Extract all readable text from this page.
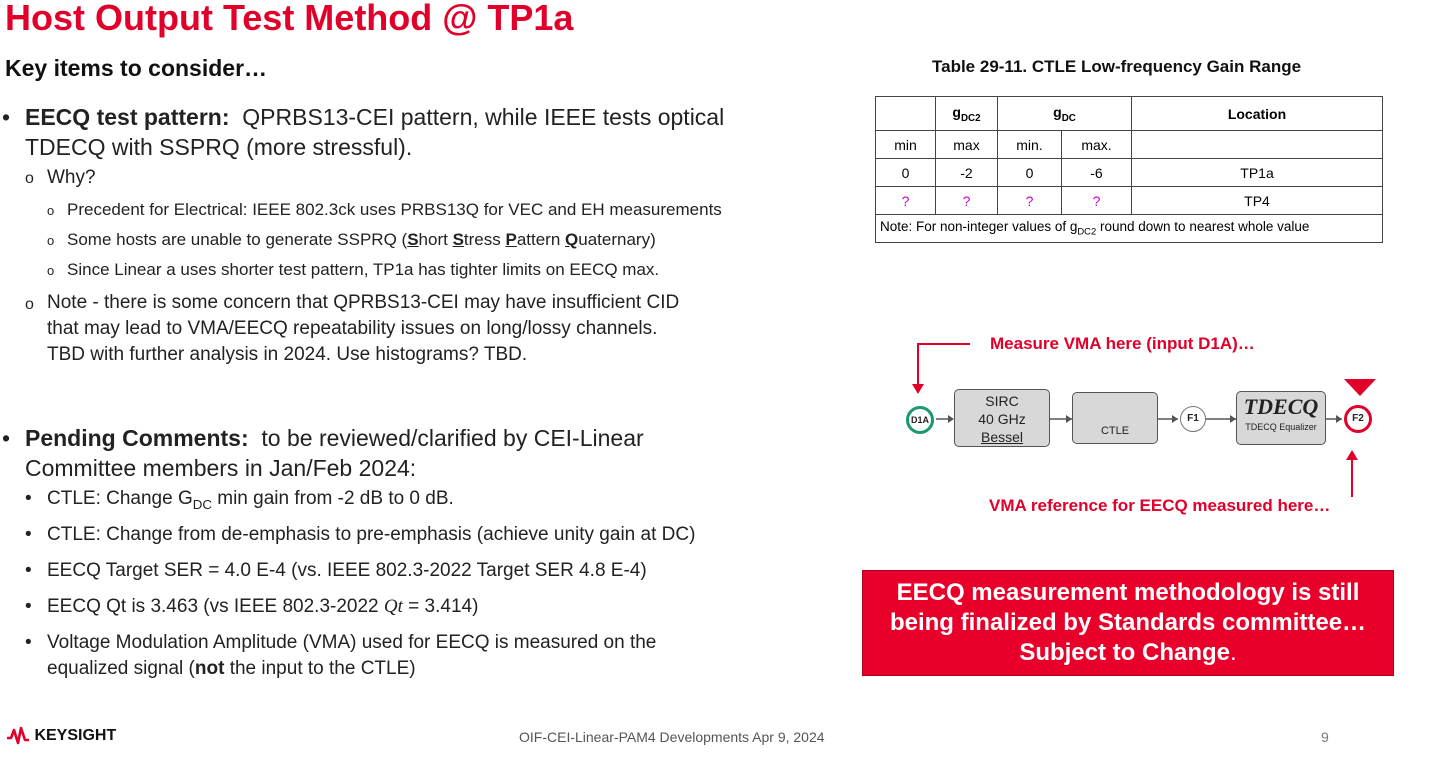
Host Output Test Method @ TP1a
Key items to consider…
• EECQ test pattern: QPRBS13-CEI pattern, while IEEE tests optical
TDECQ with SSPRQ (more stressful).
o Why?
o Precedent for Electrical: IEEE 802.3ck uses PRBS13Q for VEC and EH measurements
o Some hosts are unable to generate SSPRQ (Short Stress Pattern Quaternary)
o Since Linear a uses shorter test pattern, TP1a has tighter limits on EECQ max.
o Note - there is some concern that QPRBS13-CEI may have insufficient CID
that may lead to VMA/EECQ repeatability issues on long/lossy channels.
TBD with further analysis in 2024. Use histograms? TBD.
• Pending Comments: to be reviewed/clarified by CEI-Linear
Committee members in Jan/Feb 2024:
• CTLE: Change $G_{DC}$ min gain from -2 dB to 0 dB.
• CTLE: Change from de-emphasis to pre-emphasis (achieve unity gain at DC)
• EECQ Target SER = 4.0 E-4 (vs. IEEE 802.3-2022 Target SER 4.8 E-4)
• EECQ Qt is 3.463 (vs IEEE 802.3-2022 Qt = 3.414)
• Voltage Modulation Amplitude (VMA) used for EECQ is measured on the
equalized signal (not the input to the CTLE)
Table 29-11. CTLE Low-frequency Gain Range
	$g_{DC2}$	$g_{DC}$		Location
min	max	min.	max.	
0	-2	0	-6	TP1a
?	?	?	?	TP4
Note: For non-integer values of $g_{DC2}$ round down to nearest whole value				
Measure VMA here (input D1A)…
VMA reference for EECQ measured here…
D1A
SIRC
40 GHz
Bessel	CTLE
F1	TDECQ
TDECQ Equalizer
F2
EECQ measurement methodology is still
being finalized by Standards committee…
Subject to Change.
KEYSIGHT	OIF-CEI-Linear-PAM4 Developments Apr 9, 2024	9
